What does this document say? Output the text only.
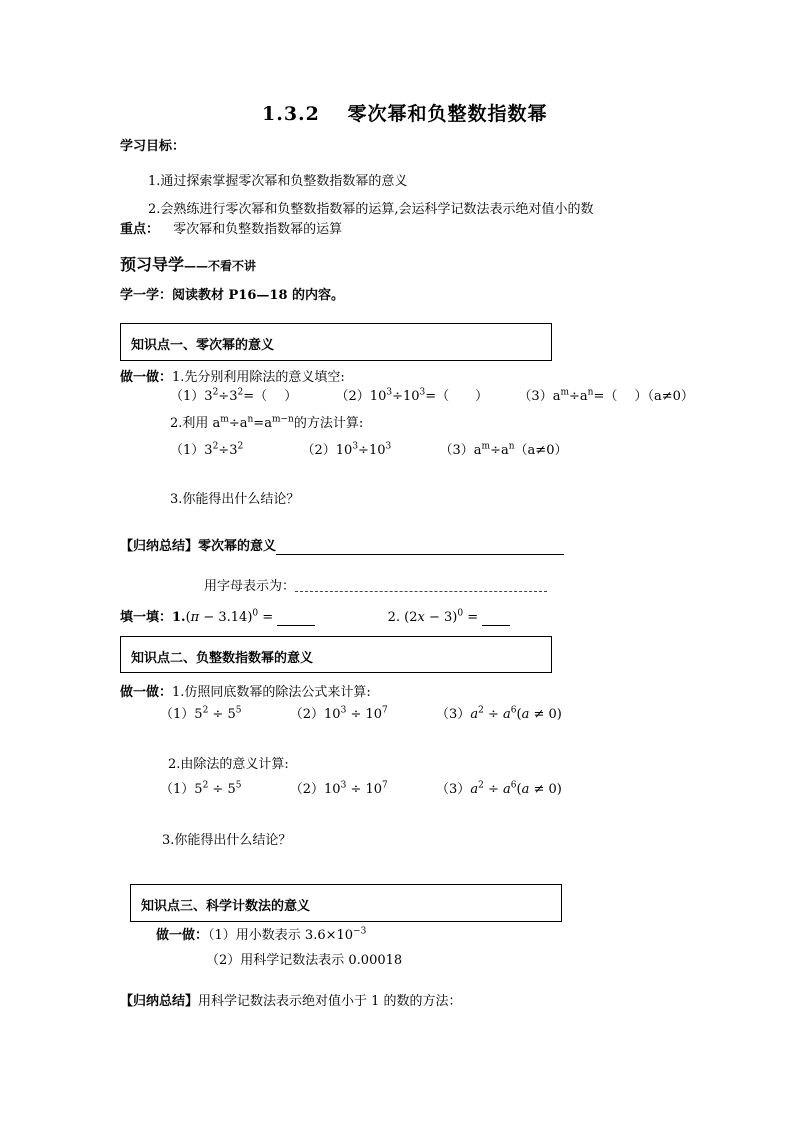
1.3.2　 零次幂和负整数指数幂
学习目标：
1.通过探索掌握零次幂和负整数指数幂的意义
2.会熟练进行零次幂和负整数指数幂的运算,会运科学记数法表示绝对值小的数
重点： 零次幂和负整数指数幂的运算
预习导学——不看不讲
学一学：阅读教材 P16—18 的内容。
知识点一、零次幂的意义
做一做：1.先分别利用除法的意义填空:
$(1)3^2\div 3^2=$（　 ）	$(2)10^3\div 10^3=$（　　）  $(3)a^m\div a^n=$（　 ）（a≠0）
2.利用 $a^m\div a^n=a^{m-n}$的方法计算:
$(1)3^2\div 3^2$	$(2)10^3\div 10^3$	$(3)a^m\div a^n(a\ne 0)$
3.你能得出什么结论？
【归纳总结】零次幂的意义
用字母表示为：
填一填：$1.(\pi - 3.14)^0$ =	2. $(2x - 3)^0$ =
知识点二、负整数指数幂的意义
做一做：1.仿照同底数幂的除法公式来计算:
$(1)5^2 \div 5^5$	$(2)10^3 \div 10^7$	$(3)a^2 \div a^6(a \ne 0)$
2.由除法的意义计算:
$(1)5^2 \div 5^5$	$(2)10^3 \div 10^7$	$(3)a^2 \div a^6(a \ne 0)$
3.你能得出什么结论？
知识点三、科学计数法的意义
做一做：（1）用小数表示 $3.6\times 10^{-3}$
（2）用科学记数法表示 0.00018
【归纳总结】用科学记数法表示绝对值小于 1 的数的方法：
